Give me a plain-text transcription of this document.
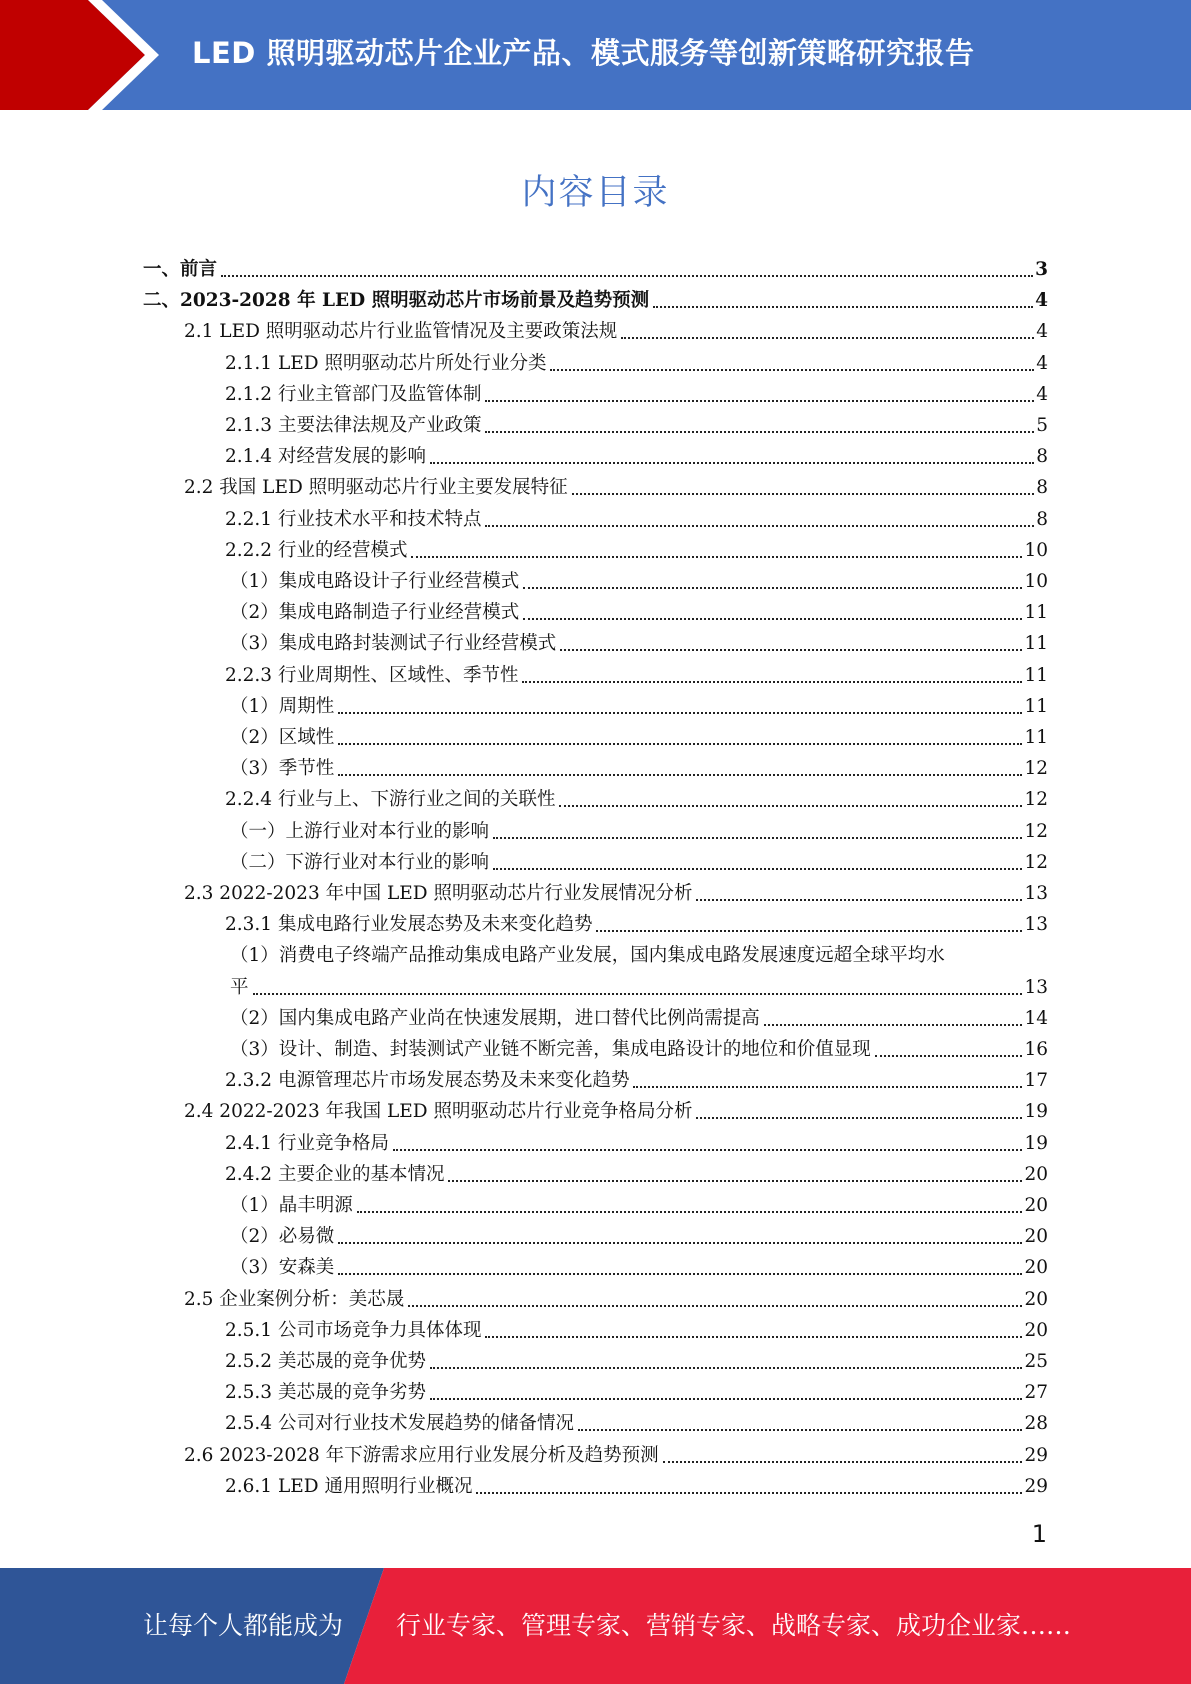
LED 照明驱动芯片企业产品、模式服务等创新策略研究报告
内容目录
一、前言	3
二、2023-2028 年 LED 照明驱动芯片市场前景及趋势预测	4
2.1 LED 照明驱动芯片行业监管情况及主要政策法规	4
2.1.1 LED 照明驱动芯片所处行业分类	4
2.1.2 行业主管部门及监管体制	4
2.1.3 主要法律法规及产业政策	5
2.1.4 对经营发展的影响	8
2.2 我国 LED 照明驱动芯片行业主要发展特征	8
2.2.1 行业技术水平和技术特点	8
2.2.2 行业的经营模式	10
（1）集成电路设计子行业经营模式	10
（2）集成电路制造子行业经营模式	11
（3）集成电路封装测试子行业经营模式	11
2.2.3 行业周期性、区域性、季节性	11
（1）周期性	11
（2）区域性	11
（3）季节性	12
2.2.4 行业与上、下游行业之间的关联性	12
（一）上游行业对本行业的影响	12
（二）下游行业对本行业的影响	12
2.3 2022-2023 年中国 LED 照明驱动芯片行业发展情况分析	13
2.3.1 集成电路行业发展态势及未来变化趋势	13
（1）消费电子终端产品推动集成电路产业发展，国内集成电路发展速度远超全球平均水
平	13
（2）国内集成电路产业尚在快速发展期，进口替代比例尚需提高	14
（3）设计、制造、封装测试产业链不断完善，集成电路设计的地位和价值显现	16
2.3.2 电源管理芯片市场发展态势及未来变化趋势	17
2.4 2022-2023 年我国 LED 照明驱动芯片行业竞争格局分析	19
2.4.1 行业竞争格局	19
2.4.2 主要企业的基本情况	20
（1）晶丰明源	20
（2）必易微	20
（3）安森美	20
2.5 企业案例分析：美芯晟	20
2.5.1 公司市场竞争力具体体现	20
2.5.2 美芯晟的竞争优势	25
2.5.3 美芯晟的竞争劣势	27
2.5.4 公司对行业技术发展趋势的储备情况	28
2.6 2023-2028 年下游需求应用行业发展分析及趋势预测	29
2.6.1 LED 通用照明行业概况	29
1
让每个人都能成为 行业专家、管理专家、营销专家、战略专家、成功企业家……
